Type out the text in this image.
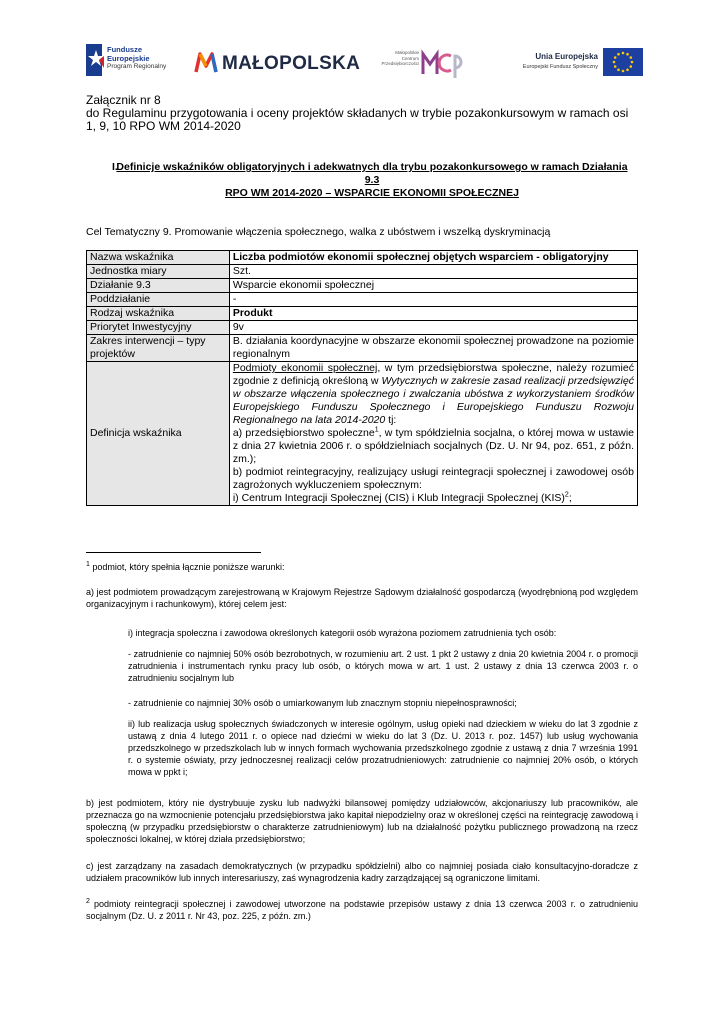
Fundusze
Europejskie
Program Regionalny	MAŁOPOLSKA
Małopolskie
Centrum
Przedsiębiorczości
Unia Europejska
Europejski Fundusz Społeczny
Załącznik nr 8
do Regulaminu przygotowania i oceny projektów składanych w trybie pozakonkursowym w ramach osi 1, 9, 10 RPO WM 2014-2020
I.
Definicje wskaźników obligatoryjnych i adekwatnych dla trybu pozakonkursowego w ramach Działania 9.3
RPO WM 2014-2020 – WSPARCIE EKONOMII SPOŁECZNEJ
Cel Tematyczny 9. Promowanie włączenia społecznego, walka z ubóstwem i wszelką dyskryminacją
Nazwa wskaźnika	Liczba podmiotów ekonomii społecznej objętych wsparciem - obligatoryjny
Jednostka miary	Szt.
Działanie 9.3	Wsparcie ekonomii społecznej
Poddziałanie	-
Rodzaj wskaźnika	Produkt
Priorytet Inwestycyjny	9v
Zakres interwencji – typy projektów	B. działania koordynacyjne w obszarze ekonomii społecznej prowadzone na poziomie regionalnym
Definicja wskaźnika	Podmioty ekonomii społecznej, w tym przedsiębiorstwa społeczne, należy rozumieć zgodnie z definicją określoną w Wytycznych w zakresie zasad realizacji przedsięwzięć w obszarze włączenia społecznego i zwalczania ubóstwa z wykorzystaniem środków Europejskiego Funduszu Społecznego i Europejskiego Funduszu Rozwoju Regionalnego na lata 2014-2020 tj:
a) przedsiębiorstwo społeczne$^1$, w tym spółdzielnia socjalna, o której mowa w ustawie z dnia 27 kwietnia 2006 r. o spółdzielniach socjalnych (Dz. U. Nr 94, poz. 651, z późn. zm.);
b) podmiot reintegracyjny, realizujący usługi reintegracji społecznej i zawodowej osób zagrożonych wykluczeniem społecznym:
i) Centrum Integracji Społecznej (CIS) i Klub Integracji Społecznej (KIS)$^2$;
$^1$ podmiot, który spełnia łącznie poniższe warunki:
a) jest podmiotem prowadzącym zarejestrowaną w Krajowym Rejestrze Sądowym działalność gospodarczą (wyodrębnioną pod względem organizacyjnym i rachunkowym), której celem jest:
i) integracja społeczna i zawodowa określonych kategorii osób wyrażona poziomem zatrudnienia tych osób:
- zatrudnienie co najmniej 50% osób bezrobotnych, w rozumieniu art. 2 ust. 1 pkt 2 ustawy z dnia 20 kwietnia 2004 r. o promocji zatrudnienia i instrumentach rynku pracy lub osób, o których mowa w art. 1 ust. 2 ustawy z dnia 13 czerwca 2003 r. o zatrudnieniu socjalnym lub
- zatrudnienie co najmniej 30% osób o umiarkowanym lub znacznym stopniu niepełnosprawności;
ii) lub realizacja usług społecznych świadczonych w interesie ogólnym, usług opieki nad dzieckiem w wieku do lat 3 zgodnie z ustawą z dnia 4 lutego 2011 r. o opiece nad dziećmi w wieku do lat 3 (Dz. U. 2013 r. poz. 1457) lub usług wychowania przedszkolnego w przedszkolach lub w innych formach wychowania przedszkolnego zgodnie z ustawą z dnia 7 września 1991 r. o systemie oświaty, przy jednoczesnej realizacji celów prozatrudnieniowych: zatrudnienie co najmniej 20% osób, o których mowa w ppkt i;
b) jest podmiotem, który nie dystrybuuje zysku lub nadwyżki bilansowej pomiędzy udziałowców, akcjonariuszy lub pracowników, ale przeznacza go na wzmocnienie potencjału przedsiębiorstwa jako kapitał niepodzielny oraz w określonej części na reintegrację zawodową i społeczną (w przypadku przedsiębiorstw o charakterze zatrudnieniowym) lub na działalność pożytku publicznego prowadzoną na rzecz społeczności lokalnej, w której działa przedsiębiorstwo;
c) jest zarządzany na zasadach demokratycznych (w przypadku spółdzielni) albo co najmniej posiada ciało konsultacyjno-doradcze z udziałem pracowników lub innych interesariuszy, zaś wynagrodzenia kadry zarządzającej są ograniczone limitami.
$^2$ podmioty reintegracji społecznej i zawodowej utworzone na podstawie przepisów ustawy z dnia 13 czerwca 2003 r. o zatrudnieniu socjalnym (Dz. U. z 2011 r. Nr 43, poz. 225, z późn. zm.)
